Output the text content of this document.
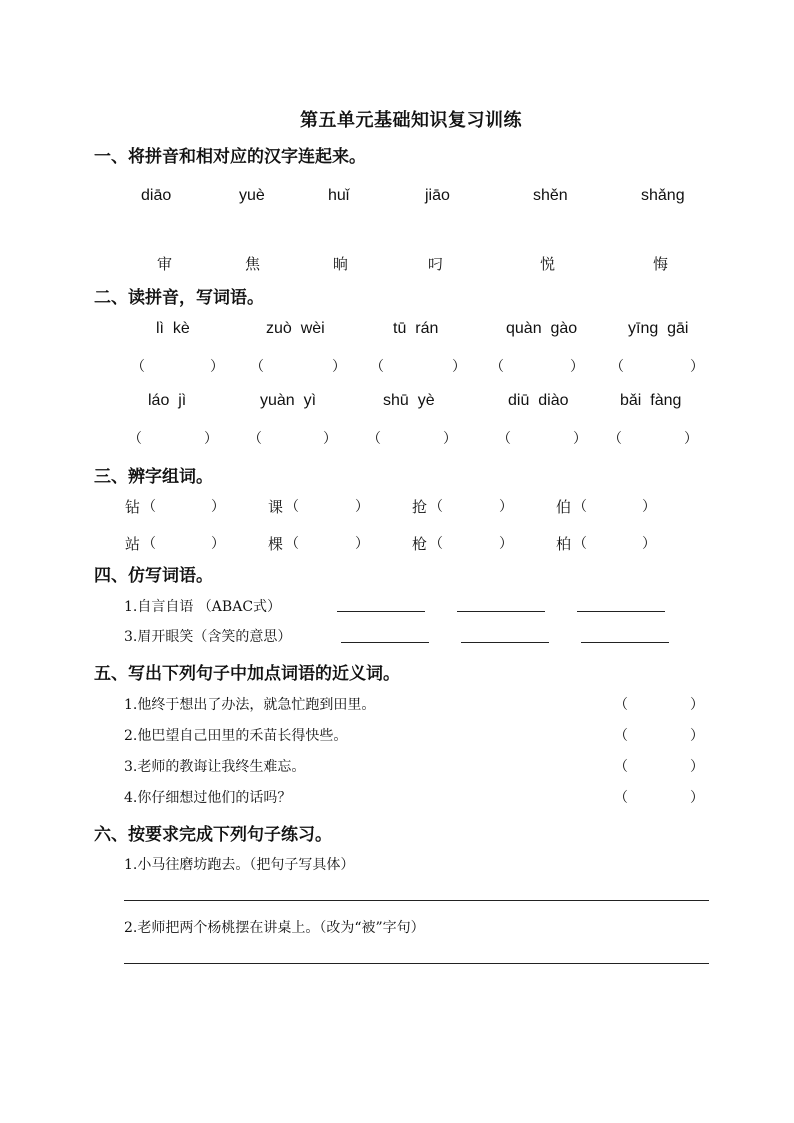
第五单元基础知识复习训练
一、将拼音和相对应的汉字连起来。
diāo	yuè	huǐ	jiāo	shěn	shǎng
审	焦	晌	叼	悦	悔
二、读拼音，写词语。
lì  kè	zuò  wèi	tū  rán	quàn  gào	yīng  gāi
（	） （	） （	） （	） （	）
láo  jì	yuàn  yì	shū  yè	diū  diào	bǎi  fàng
（	） （	） （	）	（	） （	）
三、辨字组词。
钻 （	）	课 （	）	抢 （	）	伯 （	）
站 （	）	棵 （	）	枪 （	）	柏 （	）
四、仿写词语。
1.自言自语 （ABAC式）
3.眉开眼笑（含笑的意思）
五、写出下列句子中加点词语的近义词。
1.他终于想出了办法，就急忙跑到田里。	（	）
2.他巴望自己田里的禾苗长得快些。	（	）
3.老师的教诲让我终生难忘。	（	）
4.你仔细想过他们的话吗？	（	）
六、按要求完成下列句子练习。
1.小马往磨坊跑去。（把句子写具体）
2.老师把两个杨桃摆在讲桌上。（改为“被”字句）
